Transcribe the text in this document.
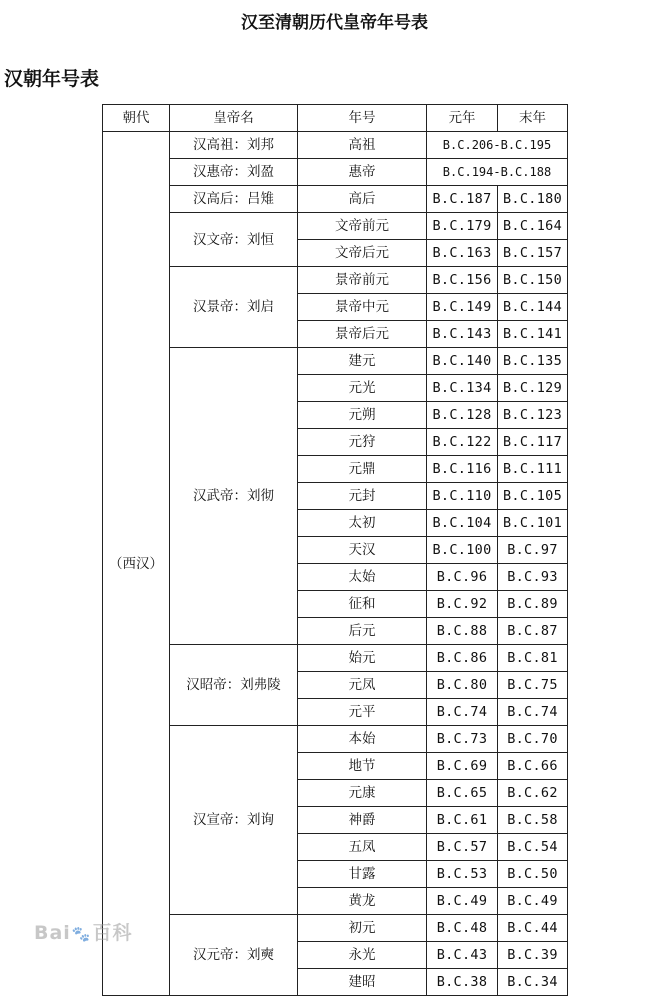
汉至清朝历代皇帝年号表
汉朝年号表
朝代	皇帝名	年号	元年	末年
（西汉）	汉高祖：刘邦	高祖	B.C.206-B.C.195	
	汉惠帝：刘盈	惠帝	B.C.194-B.C.188	
	汉高后：吕雉	高后	B.C.187	B.C.180
	汉文帝：刘恒	文帝前元	B.C.179	B.C.164
		文帝后元	B.C.163	B.C.157
	汉景帝：刘启	景帝前元	B.C.156	B.C.150
		景帝中元	B.C.149	B.C.144
		景帝后元	B.C.143	B.C.141
	汉武帝：刘彻	建元	B.C.140	B.C.135
		元光	B.C.134	B.C.129
		元朔	B.C.128	B.C.123
		元狩	B.C.122	B.C.117
		元鼎	B.C.116	B.C.111
		元封	B.C.110	B.C.105
		太初	B.C.104	B.C.101
		天汉	B.C.100	B.C.97
		太始	B.C.96	B.C.93
		征和	B.C.92	B.C.89
		后元	B.C.88	B.C.87
	汉昭帝：刘弗陵	始元	B.C.86	B.C.81
		元凤	B.C.80	B.C.75
		元平	B.C.74	B.C.74
	汉宣帝：刘询	本始	B.C.73	B.C.70
		地节	B.C.69	B.C.66
		元康	B.C.65	B.C.62
		神爵	B.C.61	B.C.58
		五凤	B.C.57	B.C.54
		甘露	B.C.53	B.C.50
		黄龙	B.C.49	B.C.49
	汉元帝：刘奭	初元	B.C.48	B.C.44
		永光	B.C.43	B.C.39
		建昭	B.C.38	B.C.34
Bai🐾百科
